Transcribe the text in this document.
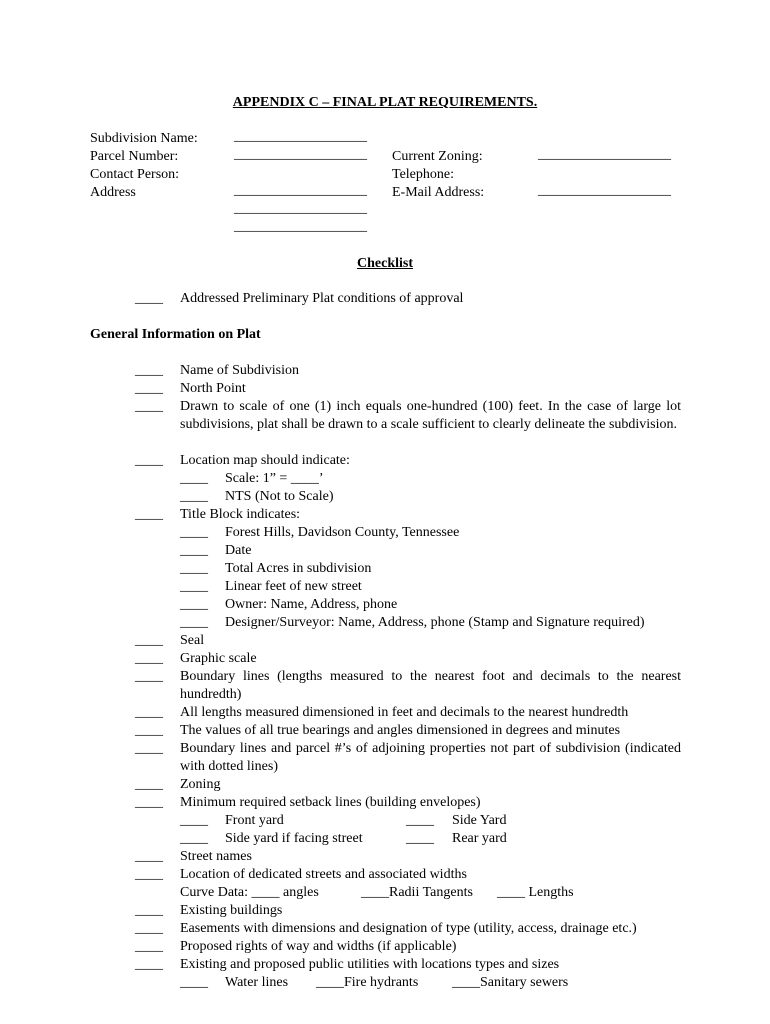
APPENDIX C – FINAL PLAT REQUIREMENTS.
Subdivision Name:	___________________
Parcel Number:	___________________ Current Zoning:	___________________
Contact Person:	Telephone:
Address	___________________ E-Mail Address:	___________________
___________________
___________________
Checklist
____ Addressed Preliminary Plat conditions of approval
General Information on Plat
____ Name of Subdivision
____ North Point
____ Drawn to scale of one (1) inch equals one-hundred (100) feet. In the case of large lot subdivisions, plat shall be drawn to a scale sufficient to clearly delineate the subdivision.
____ Location map should indicate:
____ Scale: 1” = ____’
____ NTS (Not to Scale)
____ Title Block indicates:
____ Forest Hills, Davidson County, Tennessee
____ Date
____ Total Acres in subdivision
____ Linear feet of new street
____ Owner: Name, Address, phone
____ Designer/Surveyor: Name, Address, phone (Stamp and Signature required)
____ Seal
____ Graphic scale
____ Boundary lines (lengths measured to the nearest foot and decimals to the nearest hundredth)
____ All lengths measured dimensioned in feet and decimals to the nearest hundredth
____ The values of all true bearings and angles dimensioned in degrees and minutes
____ Boundary lines and parcel #’s of adjoining properties not part of subdivision (indicated with dotted lines)
____ Zoning
____ Minimum required setback lines (building envelopes)
____ Front yard	____ Side Yard
____ Side yard if facing street	____ Rear yard
____ Street names
____ Location of dedicated streets and associated widths
Curve Data: ____ angles	____Radii Tangents ____ Lengths
____ Existing buildings
____ Easements with dimensions and designation of type (utility, access, drainage etc.)
____ Proposed rights of way and widths (if applicable)
____ Existing and proposed public utilities with locations types and sizes
____ Water lines ____Fire hydrants ____Sanitary sewers
